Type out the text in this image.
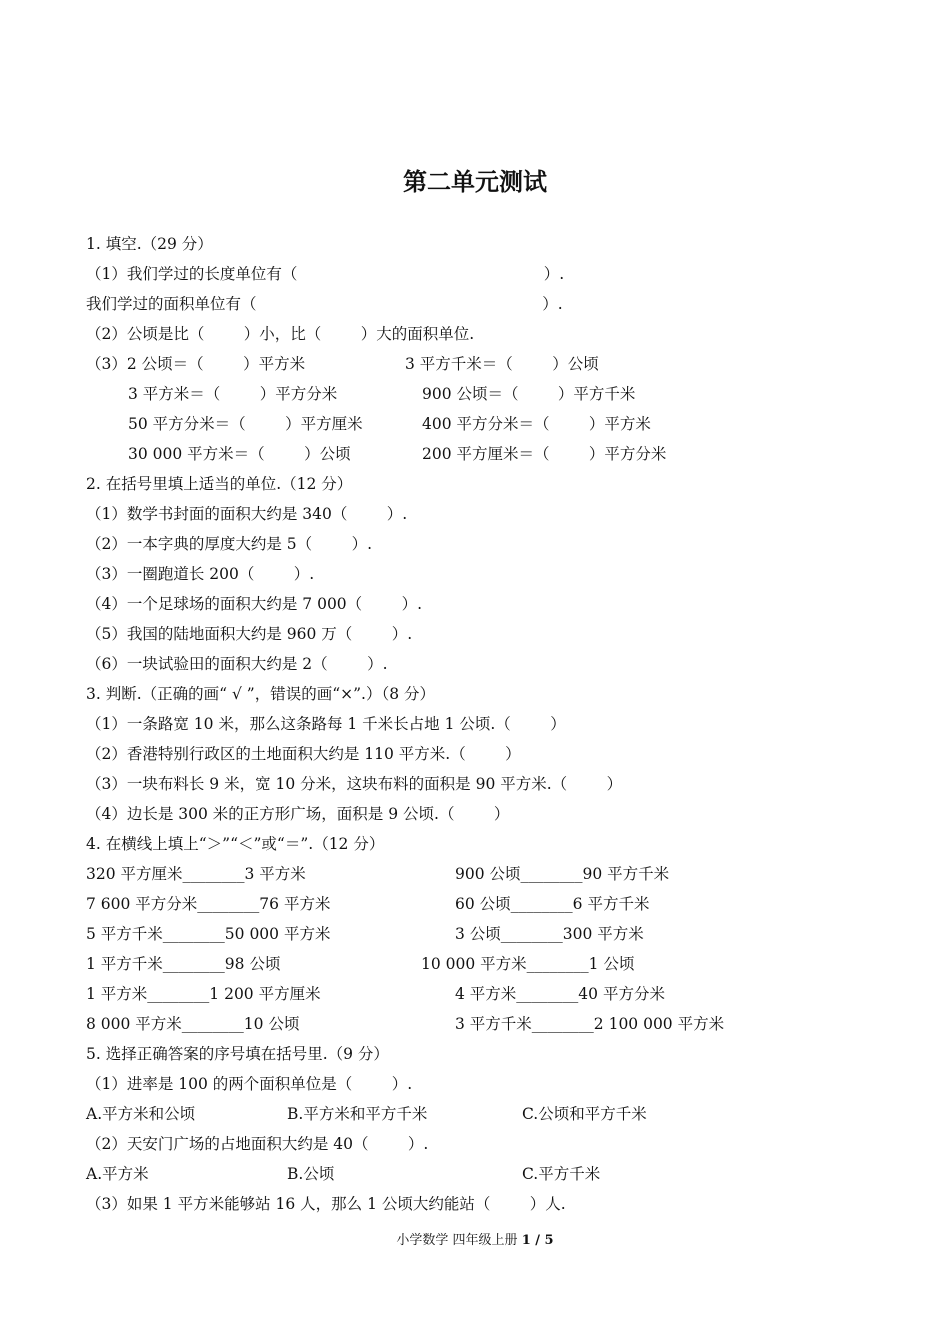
第二单元测试
1. 填空.（29 分）
（1）我们学过的长度单位有（                                                  ）.
我们学过的面积单位有（                                                          ）.
（2）公顷是比（        ）小，比（        ）大的面积单位.
（3）2 公顷＝（        ）平方米	3 平方千米＝（        ）公顷
3 平方米＝（        ）平方分米	900 公顷＝（        ）平方千米
50 平方分米＝（        ）平方厘米	400 平方分米＝（        ）平方米
30 000 平方米＝（        ）公顷	200 平方厘米＝（        ）平方分米
2. 在括号里填上适当的单位.（12 分）
（1）数学书封面的面积大约是 340（        ）.
（2）一本字典的厚度大约是 5（        ）.
（3）一圈跑道长 200（        ）.
（4）一个足球场的面积大约是 7 000（        ）.
（5）我国的陆地面积大约是 960 万（        ）.
（6）一块试验田的面积大约是 2（        ）.
3. 判断.（正确的画“ √ ”，错误的画“×”.）（8 分）
（1）一条路宽 10 米，那么这条路每 1 千米长占地 1 公顷.（        ）
（2）香港特别行政区的土地面积大约是 110 平方米.（        ）
（3）一块布料长 9 米，宽 10 分米，这块布料的面积是 90 平方米.（        ）
（4）边长是 300 米的正方形广场，面积是 9 公顷.（        ）
4. 在横线上填上“＞”“＜”或“＝”.（12 分）
320 平方厘米________3 平方米	900 公顷________90 平方千米
7 600 平方分米________76 平方米	60 公顷________6 平方千米
5 平方千米________50 000 平方米	3 公顷________300 平方米
1 平方千米________98 公顷	10 000 平方米________1 公顷
1 平方米________1 200 平方厘米	4 平方米________40 平方分米
8 000 平方米________10 公顷	3 平方千米________2 100 000 平方米
5. 选择正确答案的序号填在括号里.（9 分）
（1）进率是 100 的两个面积单位是（        ）.
A.平方米和公顷	B.平方米和平方千米	C.公顷和平方千米
（2）天安门广场的占地面积大约是 40（        ）.
A.平方米	B.公顷	C.平方千米
（3）如果 1 平方米能够站 16 人，那么 1 公顷大约能站（        ）人.
小学数学 四年级上册 1 / 5
